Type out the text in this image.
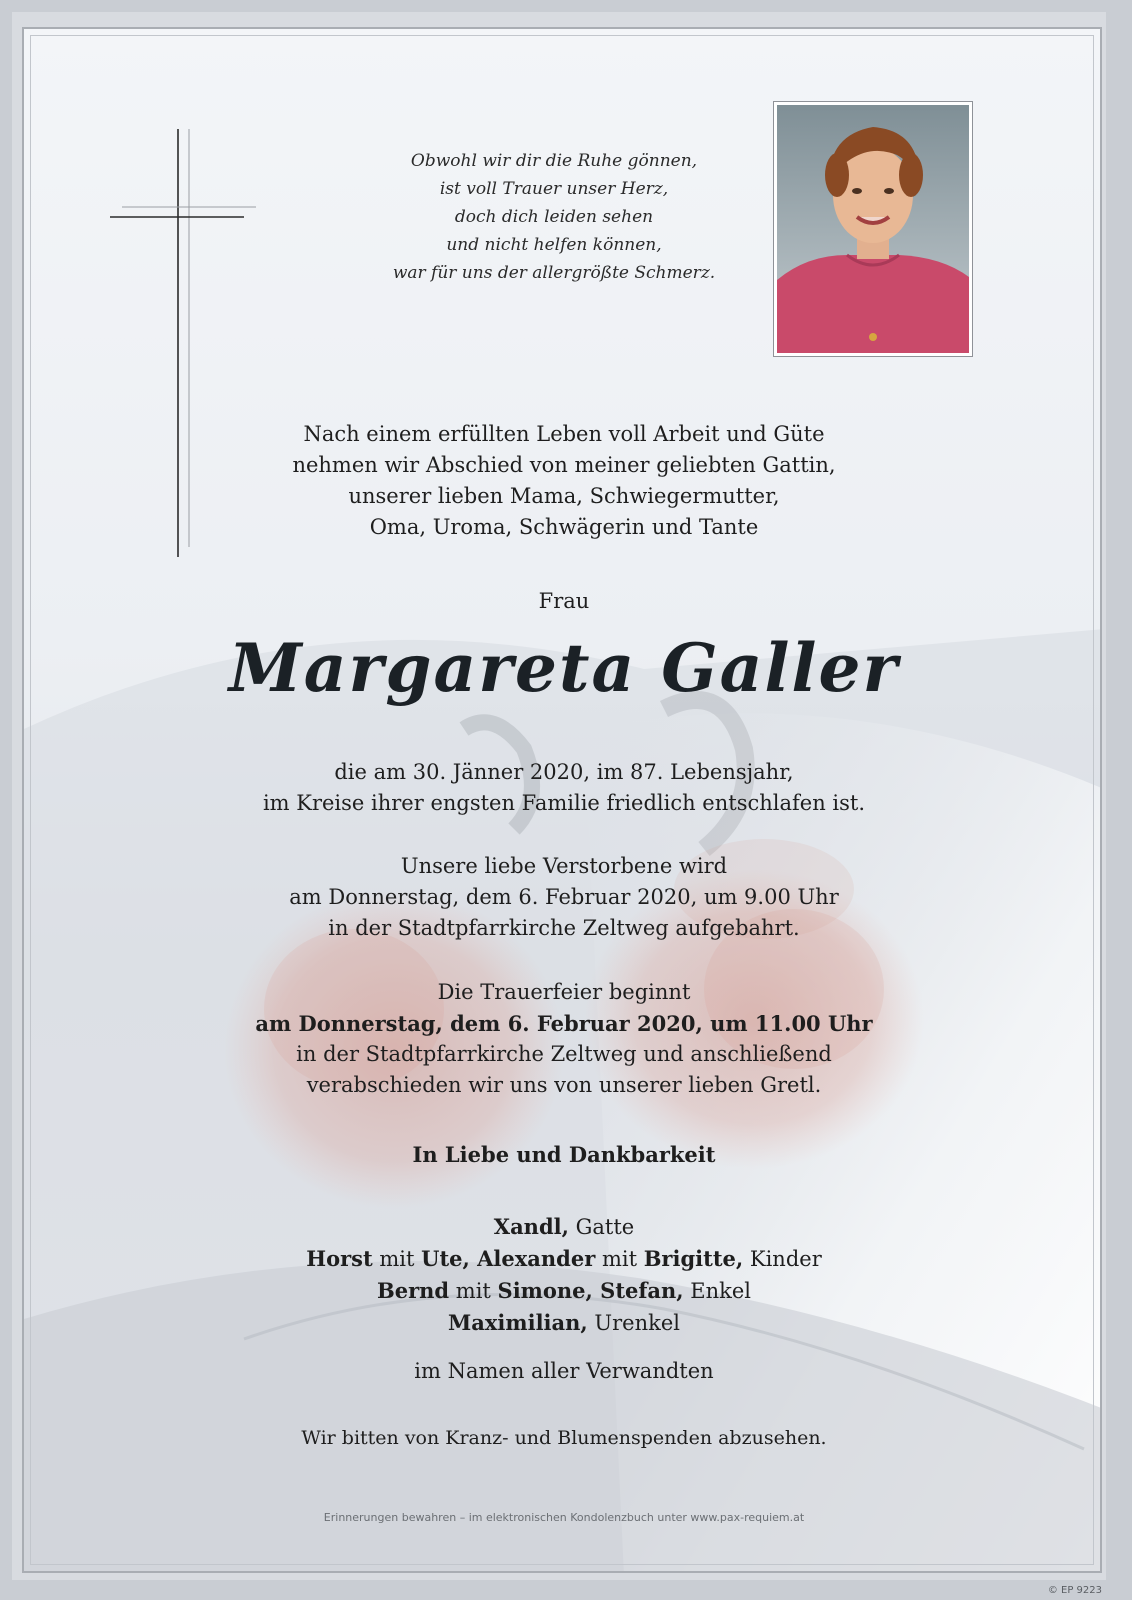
Obwohl wir dir die Ruhe gönnen,
ist voll Trauer unser Herz,
doch dich leiden sehen
und nicht helfen können,
war für uns der allergrößte Schmerz.
Nach einem erfüllten Leben voll Arbeit und Güte
nehmen wir Abschied von meiner geliebten Gattin,
unserer lieben Mama, Schwiegermutter,
Oma, Uroma, Schwägerin und Tante
Frau
Margareta Galler
die am 30. Jänner 2020, im 87. Lebensjahr,
im Kreise ihrer engsten Familie friedlich entschlafen ist.
Unsere liebe Verstorbene wird
am Donnerstag, dem 6. Februar 2020, um 9.00 Uhr
in der Stadtpfarrkirche Zeltweg aufgebahrt.
Die Trauerfeier beginnt
am Donnerstag, dem 6. Februar 2020, um 11.00 Uhr
in der Stadtpfarrkirche Zeltweg und anschließend
verabschieden wir uns von unserer lieben Gretl.
In Liebe und Dankbarkeit
Xandl, Gatte
Horst mit Ute, Alexander mit Brigitte, Kinder
Bernd mit Simone, Stefan, Enkel
Maximilian, Urenkel
im Namen aller Verwandten
Wir bitten von Kranz- und Blumenspenden abzusehen.
Erinnerungen bewahren – im elektronischen Kondolenzbuch unter www.pax-requiem.at
© EP 9223
